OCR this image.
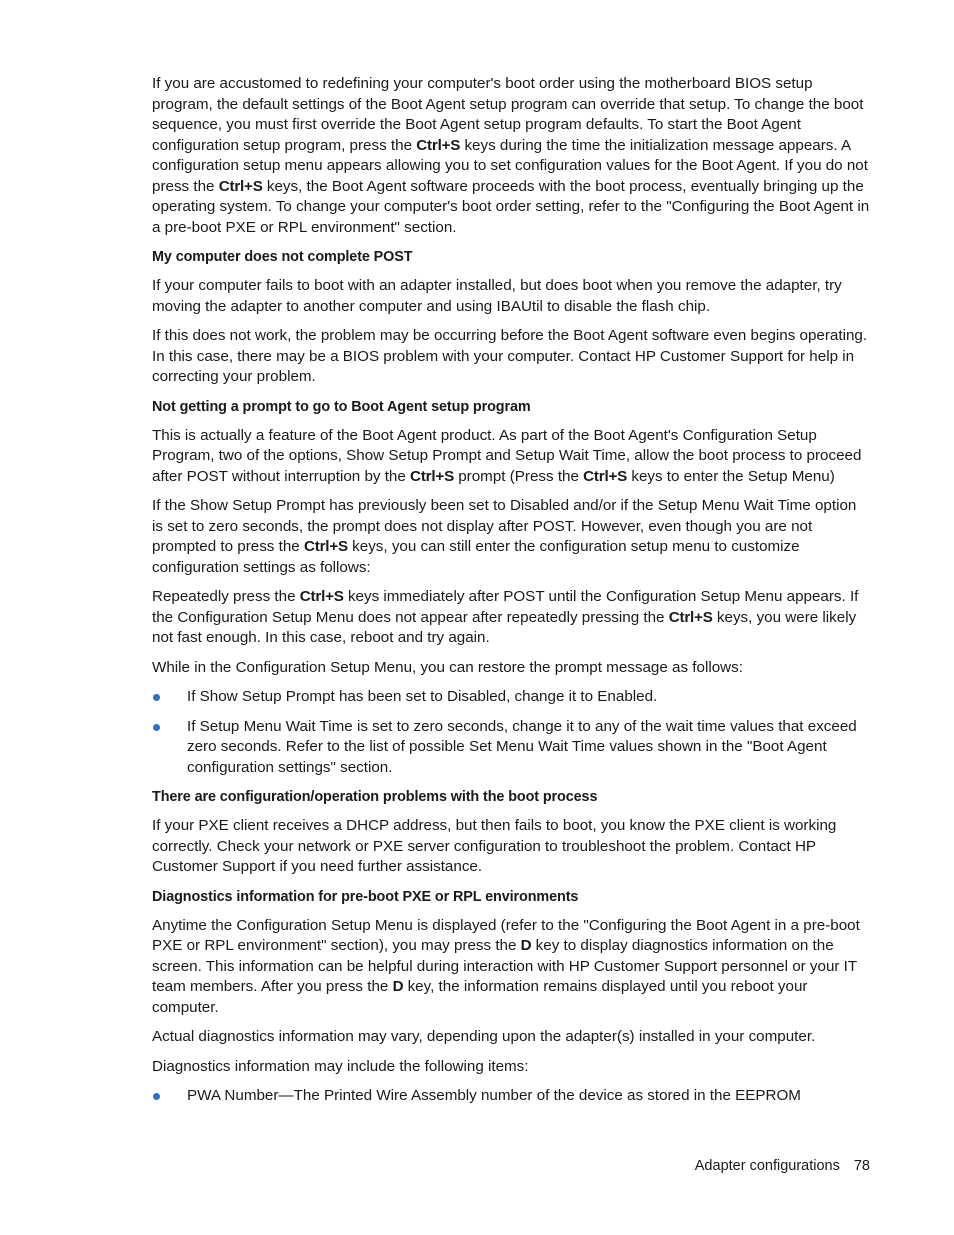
If you are accustomed to redefining your computer's boot order using the motherboard BIOS setup program, the default settings of the Boot Agent setup program can override that setup. To change the boot sequence, you must first override the Boot Agent setup program defaults. To start the Boot Agent configuration setup program, press the Ctrl+S keys during the time the initialization message appears. A configuration setup menu appears allowing you to set configuration values for the Boot Agent. If you do not press the Ctrl+S keys, the Boot Agent software proceeds with the boot process, eventually bringing up the operating system. To change your computer's boot order setting, refer to the "Configuring the Boot Agent in a pre-boot PXE or RPL environment" section.

My computer does not complete POST

If your computer fails to boot with an adapter installed, but does boot when you remove the adapter, try moving the adapter to another computer and using IBAUtil to disable the flash chip.

If this does not work, the problem may be occurring before the Boot Agent software even begins operating. In this case, there may be a BIOS problem with your computer. Contact HP Customer Support for help in correcting your problem.

Not getting a prompt to go to Boot Agent setup program

This is actually a feature of the Boot Agent product. As part of the Boot Agent's Configuration Setup Program, two of the options, Show Setup Prompt and Setup Wait Time, allow the boot process to proceed after POST without interruption by the Ctrl+S prompt (Press the Ctrl+S keys to enter the Setup Menu)

If the Show Setup Prompt has previously been set to Disabled and/or if the Setup Menu Wait Time option is set to zero seconds, the prompt does not display after POST. However, even though you are not prompted to press the Ctrl+S keys, you can still enter the configuration setup menu to customize configuration settings as follows:

Repeatedly press the Ctrl+S keys immediately after POST until the Configuration Setup Menu appears. If the Configuration Setup Menu does not appear after repeatedly pressing the Ctrl+S keys, you were likely not fast enough. In this case, reboot and try again.

While in the Configuration Setup Menu, you can restore the prompt message as follows:

If Show Setup Prompt has been set to Disabled, change it to Enabled.
If Setup Menu Wait Time is set to zero seconds, change it to any of the wait time values that exceed zero seconds. Refer to the list of possible Set Menu Wait Time values shown in the "Boot Agent configuration settings" section.
There are configuration/operation problems with the boot process

If your PXE client receives a DHCP address, but then fails to boot, you know the PXE client is working correctly. Check your network or PXE server configuration to troubleshoot the problem. Contact HP Customer Support if you need further assistance.

Diagnostics information for pre-boot PXE or RPL environments

Anytime the Configuration Setup Menu is displayed (refer to the "Configuring the Boot Agent in a pre-boot PXE or RPL environment" section), you may press the D key to display diagnostics information on the screen. This information can be helpful during interaction with HP Customer Support personnel or your IT team members. After you press the D key, the information remains displayed until you reboot your computer.

Actual diagnostics information may vary, depending upon the adapter(s) installed in your computer.

Diagnostics information may include the following items:

PWA Number—The Printed Wire Assembly number of the device as stored in the EEPROM
Adapter configurations 78
